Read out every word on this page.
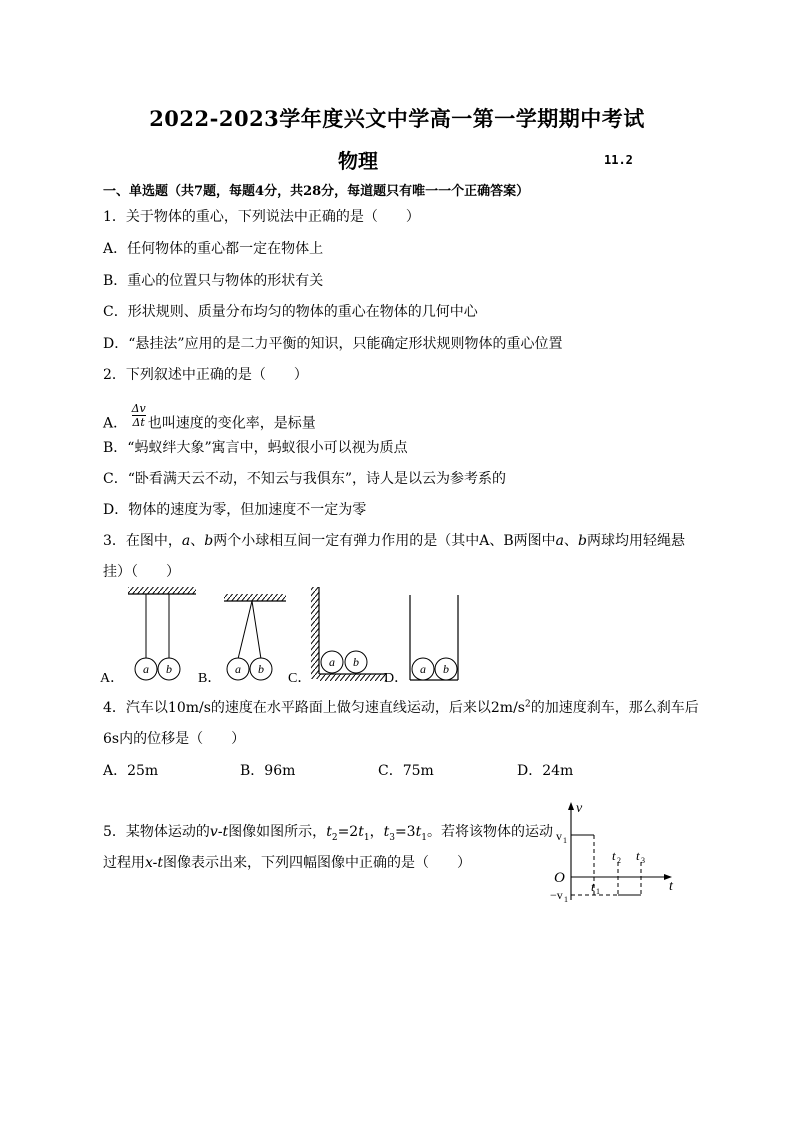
2022-2023学年度兴文中学高一第一学期期中考试
物理	11.2
一、单选题（共7题，每题4分，共28分，每道题只有唯一一个正确答案）
1．关于物体的重心，下列说法中正确的是（　　）
A．任何物体的重心都一定在物体上
B．重心的位置只与物体的形状有关
C．形状规则、质量分布均匀的物体的重心在物体的几何中心
D．“悬挂法”应用的是二力平衡的知识，只能确定形状规则物体的重心位置
2．下列叙述中正确的是（　　）
A． $\frac{\Delta v}{\Delta t}$ 也叫速度的变化率，是标量
B．“蚂蚁绊大象”寓言中，蚂蚁很小可以视为质点
C．“卧看满天云不动，不知云与我俱东”，诗人是以云为参考系的
D．物体的速度为零，但加速度不一定为零
3．在图中，a、b两个小球相互间一定有弹力作用的是（其中A、B两图中a、b两球均用轻绳悬
挂）（　　）
a b
A．
a b
B．
a b
C．
a b
D．
4．汽车以10m/s的速度在水平路面上做匀速直线运动，后来以$2m/s^2$的加速度刹车，那么刹车后
6s内的位移是（　　）
A．25m	B．96m	C．75m	D．24m
5．某物体运动的v-t图像如图所示，$t_2=2t_1$，$t_3=3t_1$。若将该物体的运动
过程用x-t图像表示出来，下列四幅图像中正确的是（　　）
v
t
O
v 1
−v 1
t 1
t 2 t 3
